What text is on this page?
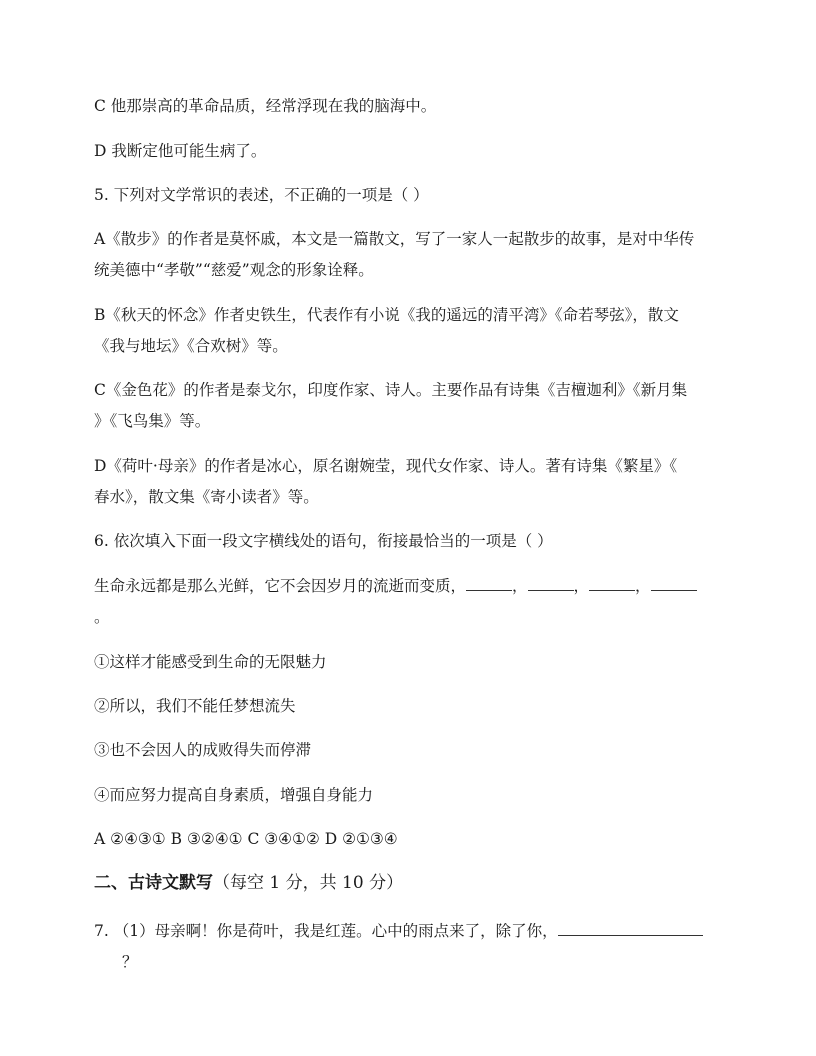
C 他那崇高的革命品质，经常浮现在我的脑海中。
D 我断定他可能生病了。
5. 下列对文学常识的表述，不正确的一项是（ ）
A《散步》的作者是莫怀戚，本文是一篇散文，写了一家人一起散步的故事，是对中华传
统美德中“孝敬”“慈爱”观念的形象诠释。
B《秋天的怀念》作者史铁生，代表作有小说《我的遥远的清平湾》《命若琴弦》，散文
《我与地坛》《合欢树》等。
C《金色花》的作者是泰戈尔，印度作家、诗人。主要作品有诗集《吉檀迦利》《新月集
》《飞鸟集》等。
D《荷叶·母亲》的作者是冰心，原名谢婉莹，现代女作家、诗人。著有诗集《繁星》《
春水》，散文集《寄小读者》等。
6. 依次填入下面一段文字横线处的语句，衔接最恰当的一项是（ ）
生命永远都是那么光鲜，它不会因岁月的流逝而变质，	，	，	，
。
①这样才能感受到生命的无限魅力
②所以，我们不能任梦想流失
③也不会因人的成败得失而停滞
④而应努力提高自身素质，增强自身能力
A ②④③① B ③②④① C ③④①② D ②①③④
二、古诗文默写（每空 1 分，共 10 分）
7. （1）母亲啊！你是荷叶，我是红莲。心中的雨点来了，除了你，
？
